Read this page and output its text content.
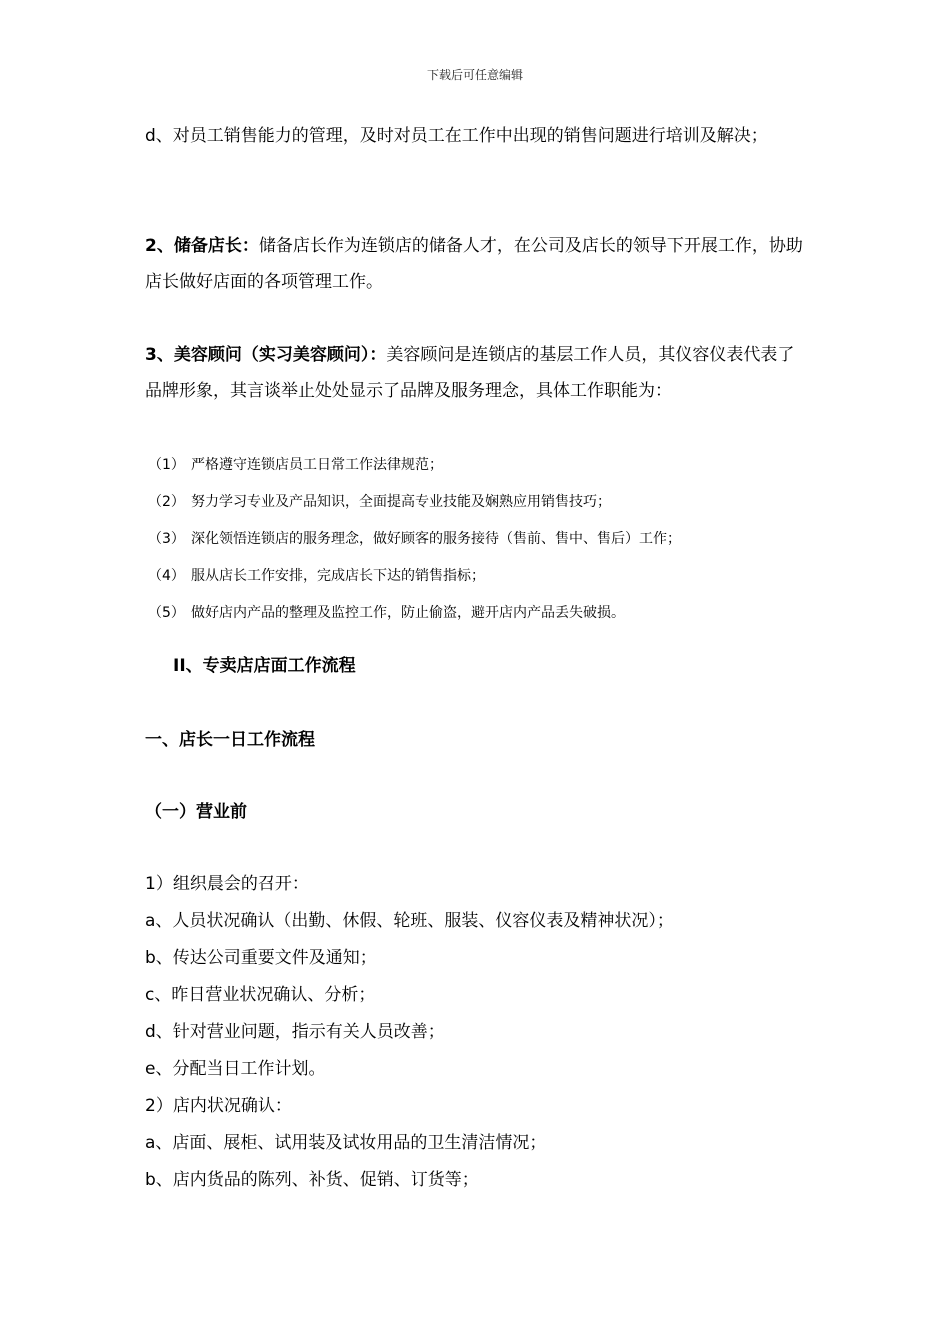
下载后可任意编辑
d、对员工销售能力的管理，及时对员工在工作中出现的销售问题进行培训及解决；
2、储备店长：储备店长作为连锁店的储备人才，在公司及店长的领导下开展工作，协助店长做好店面的各项管理工作。
3、美容顾问（实习美容顾问）：美容顾问是连锁店的基层工作人员，其仪容仪表代表了品牌形象，其言谈举止处处显示了品牌及服务理念，具体工作职能为：
（1） 严格遵守连锁店员工日常工作法律规范；
（2） 努力学习专业及产品知识，全面提高专业技能及娴熟应用销售技巧；
（3） 深化领悟连锁店的服务理念，做好顾客的服务接待（售前、售中、售后）工作；
（4） 服从店长工作安排，完成店长下达的销售指标；
（5） 做好店内产品的整理及监控工作，防止偷盗，避开店内产品丢失破损。
II、专卖店店面工作流程
一、店长一日工作流程
（一）营业前
1）组织晨会的召开：
a、人员状况确认（出勤、休假、轮班、服装、仪容仪表及精神状况）；
b、传达公司重要文件及通知；
c、昨日营业状况确认、分析；
d、针对营业问题，指示有关人员改善；
e、分配当日工作计划。
2）店内状况确认：
a、店面、展柜、试用装及试妆用品的卫生清洁情况；
b、店内货品的陈列、补货、促销、订货等；
